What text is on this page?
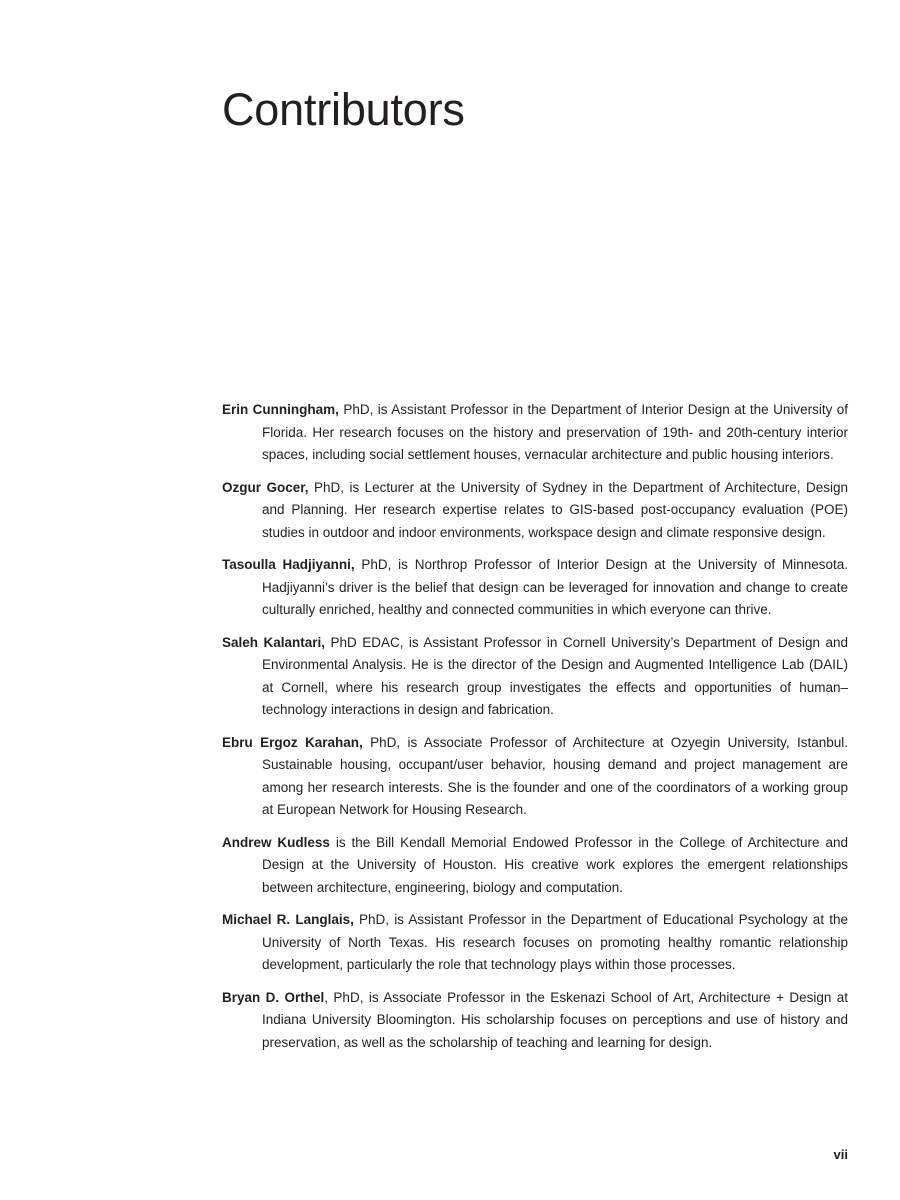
Contributors

Erin Cunningham, PhD, is Assistant Professor in the Department of Interior Design at the University of Florida. Her research focuses on the history and preservation of 19th- and 20th-century interior spaces, including social settlement houses, vernacular architecture and public housing interiors.

Ozgur Gocer, PhD, is Lecturer at the University of Sydney in the Department of Architecture, Design and Planning. Her research expertise relates to GIS-based post-occupancy evaluation (POE) studies in outdoor and indoor environments, workspace design and climate responsive design.

Tasoulla Hadjiyanni, PhD, is Northrop Professor of Interior Design at the University of Minnesota. Hadjiyanni’s driver is the belief that design can be leveraged for innovation and change to create culturally enriched, healthy and connected communities in which everyone can thrive.

Saleh Kalantari, PhD EDAC, is Assistant Professor in Cornell University’s Department of Design and Environmental Analysis. He is the director of the Design and Augmented Intelligence Lab (DAIL) at Cornell, where his research group investigates the effects and opportunities of human–technology interactions in design and fabrication.

Ebru Ergoz Karahan, PhD, is Associate Professor of Architecture at Ozyegin University, Istanbul. Sustainable housing, occupant/user behavior, housing demand and project management are among her research interests. She is the founder and one of the coordinators of a working group at European Network for Housing Research.

Andrew Kudless is the Bill Kendall Memorial Endowed Professor in the College of Architecture and Design at the University of Houston. His creative work explores the emergent relationships between architecture, engineering, biology and computation.

Michael R. Langlais, PhD, is Assistant Professor in the Department of Educational Psychology at the University of North Texas. His research focuses on promoting healthy romantic relationship development, particularly the role that technology plays within those processes.

Bryan D. Orthel, PhD, is Associate Professor in the Eskenazi School of Art, Architecture + Design at Indiana University Bloomington. His scholarship focuses on perceptions and use of history and preservation, as well as the scholarship of teaching and learning for design.

vii
